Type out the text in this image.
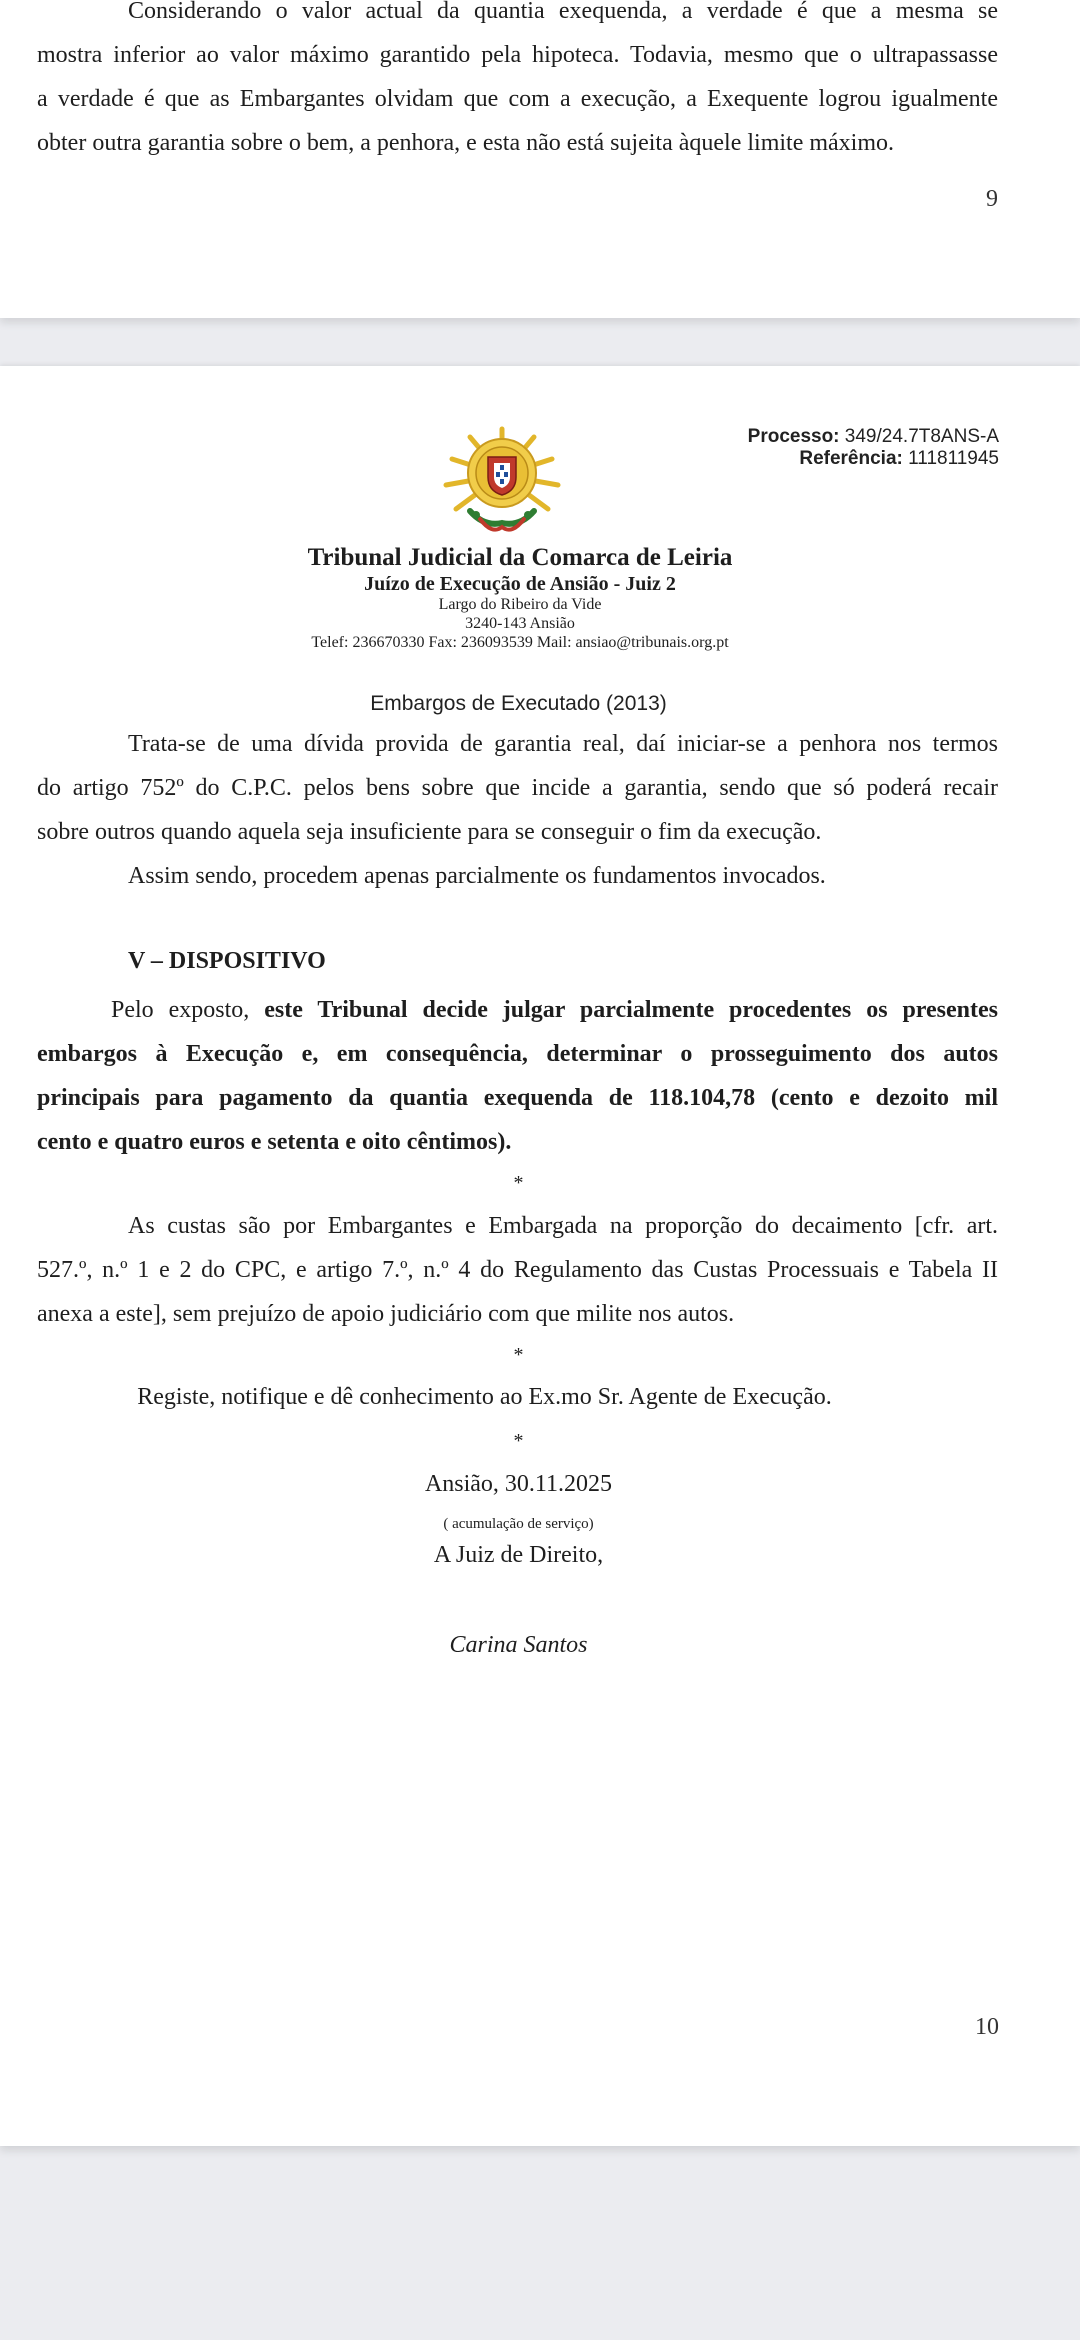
Considerando o valor actual da quantia exequenda, a verdade é que a mesma se
mostra inferior ao valor máximo garantido pela hipoteca. Todavia, mesmo que o ultrapassasse
a verdade é que as Embargantes olvidam que com a execução, a Exequente logrou igualmente
obter outra garantia sobre o bem, a penhora, e esta não está sujeita àquele limite máximo.
9
Processo: 349/24.7T8ANS-A
Referência: 111811945
Tribunal Judicial da Comarca de Leiria
Juízo de Execução de Ansião - Juiz 2
Largo do Ribeiro da Vide
3240-143 Ansião
Telef: 236670330 Fax: 236093539 Mail: ansiao@tribunais.org.pt
Embargos de Executado (2013)
Trata-se de uma dívida provida de garantia real, daí iniciar-se a penhora nos termos
do artigo 752º do C.P.C. pelos bens sobre que incide a garantia, sendo que só poderá recair
sobre outros quando aquela seja insuficiente para se conseguir o fim da execução.
Assim sendo, procedem apenas parcialmente os fundamentos invocados.
V – DISPOSITIVO
Pelo exposto, este Tribunal decide julgar parcialmente procedentes os presentes
embargos à Execução e, em consequência, determinar o prosseguimento dos autos
principais para pagamento da quantia exequenda de 118.104,78 (cento e dezoito mil
cento e quatro euros e setenta e oito cêntimos).
*
As custas são por Embargantes e Embargada na proporção do decaimento [cfr. art.
527.º, n.º 1 e 2 do CPC, e artigo 7.º, n.º 4 do Regulamento das Custas Processuais e Tabela II
anexa a este], sem prejuízo de apoio judiciário com que milite nos autos.
*
Registe, notifique e dê conhecimento ao Ex.mo Sr. Agente de Execução.
*
Ansião, 30.11.2025
( acumulação de serviço)
A Juiz de Direito,
Carina Santos
10
